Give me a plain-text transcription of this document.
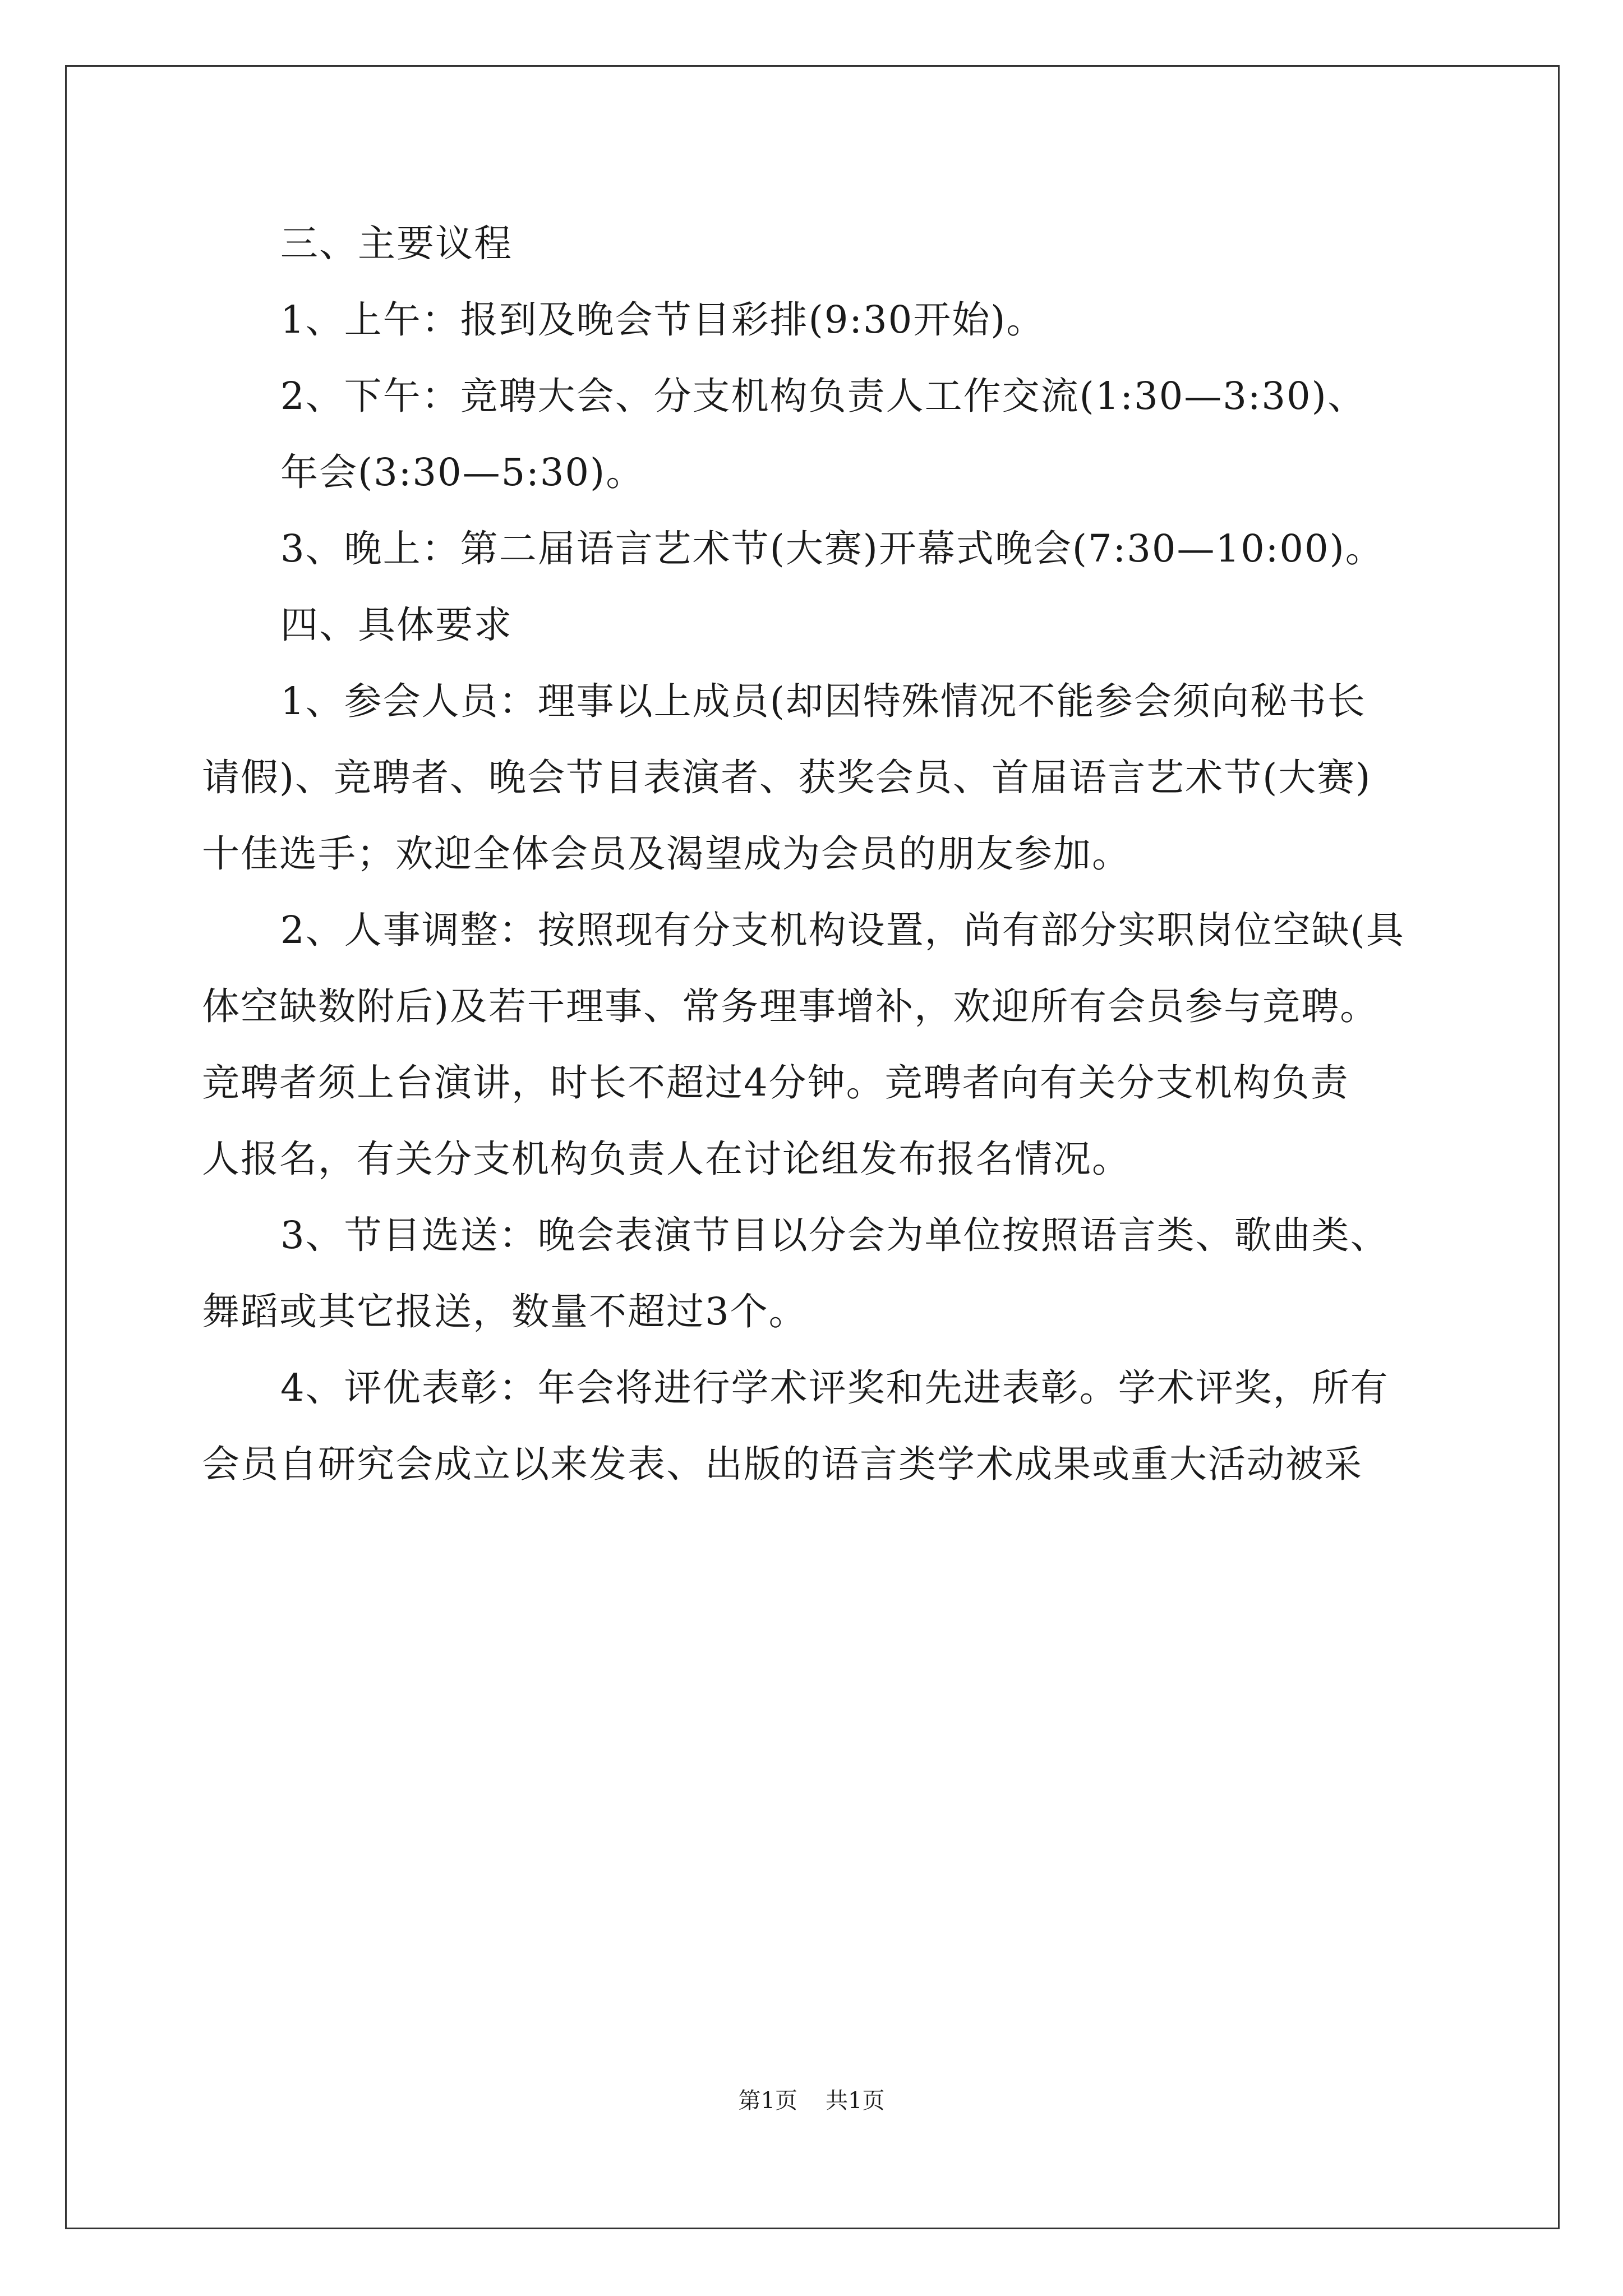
三、主要议程

1、上午：报到及晚会节目彩排(9:30开始)。

2、下午：竞聘大会、分支机构负责人工作交流(1:30—3:30)、

年会(3:30—5:30)。

3、晚上：第二届语言艺术节(大赛)开幕式晚会(7:30—10:00)。

四、具体要求

1、参会人员：理事以上成员(却因特殊情况不能参会须向秘书长

请假)、竞聘者、晚会节目表演者、获奖会员、首届语言艺术节(大赛)

十佳选手；欢迎全体会员及渴望成为会员的朋友参加。

2、人事调整：按照现有分支机构设置，尚有部分实职岗位空缺(具

体空缺数附后)及若干理事、常务理事增补，欢迎所有会员参与竞聘。

竞聘者须上台演讲，时长不超过4分钟。竞聘者向有关分支机构负责

人报名，有关分支机构负责人在讨论组发布报名情况。

3、节目选送：晚会表演节目以分会为单位按照语言类、歌曲类、

舞蹈或其它报送，数量不超过3个。

4、评优表彰：年会将进行学术评奖和先进表彰。学术评奖，所有

会员自研究会成立以来发表、出版的语言类学术成果或重大活动被采

第1页 共1页
